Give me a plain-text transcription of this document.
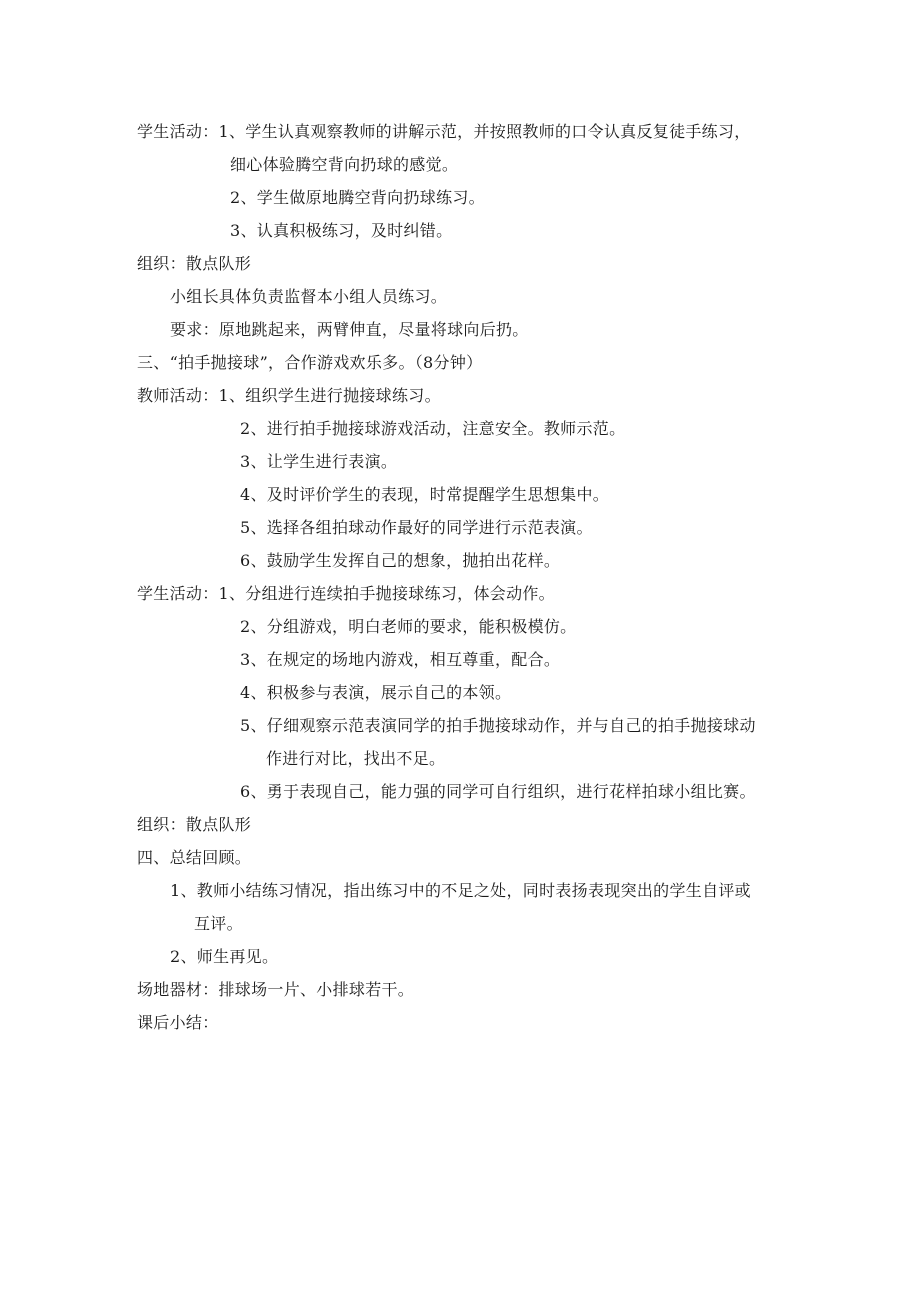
学生活动：1、学生认真观察教师的讲解示范，并按照教师的口令认真反复徒手练习，
细心体验腾空背向扔球的感觉。
2、学生做原地腾空背向扔球练习。
3、认真积极练习，及时纠错。
组织：散点队形
小组长具体负责监督本小组人员练习。
要求：原地跳起来，两臂伸直，尽量将球向后扔。
三、“拍手抛接球”，合作游戏欢乐多。（8分钟）
教师活动：1、组织学生进行抛接球练习。
2、进行拍手抛接球游戏活动，注意安全。教师示范。
3、让学生进行表演。
4、及时评价学生的表现，时常提醒学生思想集中。
5、选择各组拍球动作最好的同学进行示范表演。
6、鼓励学生发挥自己的想象，抛拍出花样。
学生活动：1、分组进行连续拍手抛接球练习，体会动作。
2、分组游戏，明白老师的要求，能积极模仿。
3、在规定的场地内游戏，相互尊重，配合。
4、积极参与表演，展示自己的本领。
5、仔细观察示范表演同学的拍手抛接球动作，并与自己的拍手抛接球动
作进行对比，找出不足。
6、勇于表现自己，能力强的同学可自行组织，进行花样拍球小组比赛。
组织：散点队形
四、总结回顾。
1、教师小结练习情况，指出练习中的不足之处，同时表扬表现突出的学生自评或
互评。
2、师生再见。
场地器材：排球场一片、小排球若干。
课后小结：
